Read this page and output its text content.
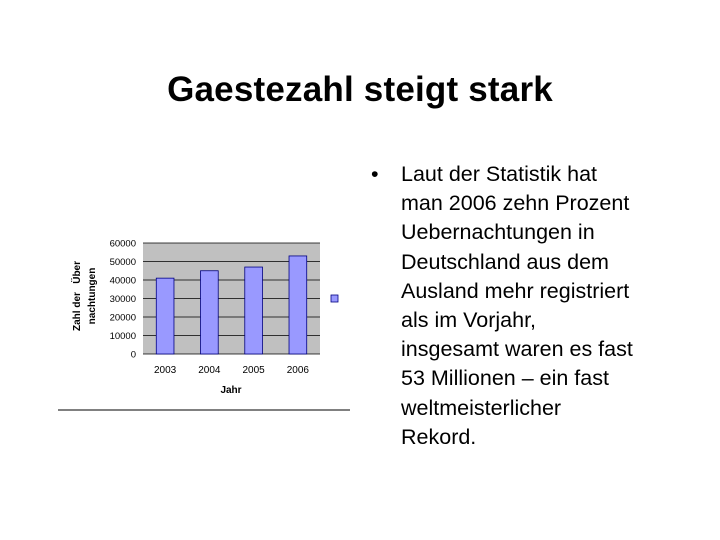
Gaestezahl steigt stark
0
10000
20000
30000
40000
50000
60000
2003 2004 2005 2006
Jahr
Zahl der   Über nachtungen
•	Laut der Statistik hat
man 2006 zehn Prozent
Uebernachtungen in
Deutschland aus dem
Ausland mehr registriert
als im Vorjahr,
insgesamt waren es fast
53 Millionen – ein fast
weltmeisterlicher
Rekord.
